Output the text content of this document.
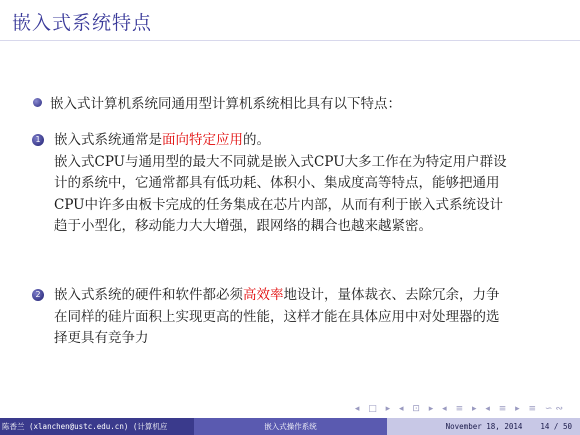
嵌入式系统特点
嵌入式计算机系统同通用型计算机系统相比具有以下特点：
1 嵌入式系统通常是面向特定应用的。
嵌入式CPU与通用型的最大不同就是嵌入式CPU大多工作在为特定用户群设计的系统中，它通常都具有低功耗、体积小、集成度高等特点，能够把通用CPU中许多由板卡完成的任务集成在芯片内部，从而有利于嵌入式系统设计趋于小型化，移动能力大大增强，跟网络的耦合也越来越紧密。
2 嵌入式系统的硬件和软件都必须高效率地设计，量体裁衣、去除冗余，力争在同样的硅片面积上实现更高的性能，这样才能在具体应用中对处理器的选择更具有竞争力
◂ □ ▸ ◂ ⊡ ▸ ◂ ≡ ▸ ◂ ≡ ▸ ≡ ∽∾
陈香兰 (xlanchen@ustc.edu.cn) (计算机应	嵌入式操作系统	November 18, 2014 14 / 50
